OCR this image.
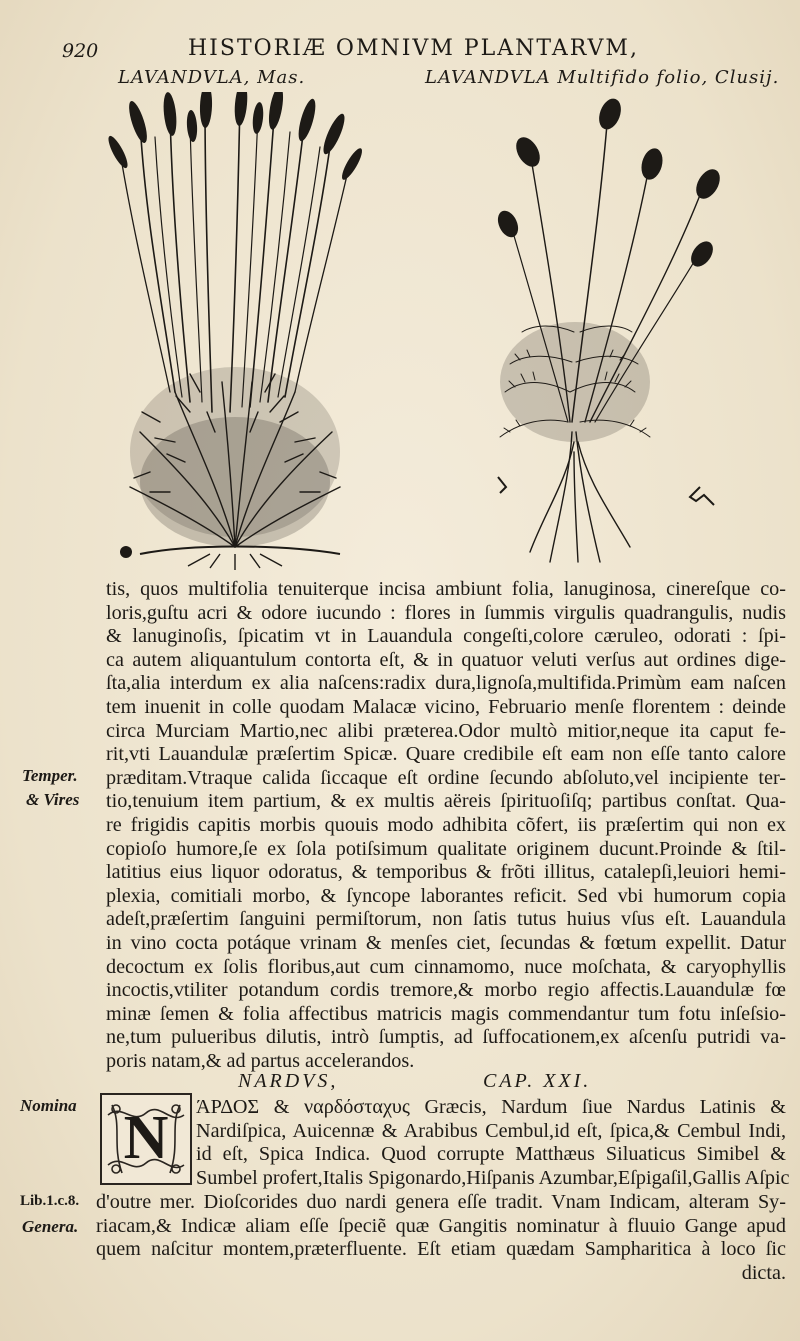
920	HISTORIÆ OMNIVM PLANTARVM,
LAVANDVLA, Mas.	LAVANDVLA Multifido folio, Clusij.
tis, quos multifolia tenuiterque incisa ambiunt folia, lanuginosa, cinereſque co-
loris,guſtu acri & odore iucundo : flores in ſummis virgulis quadrangulis, nudis
& lanuginoſis, ſpicatim vt in Lauandula congeſti,colore cæruleo, odorati : ſpi-
ca autem aliquantulum contorta eſt, & in quatuor veluti verſus aut ordines dige-
ſta,alia interdum ex alia naſcens:radix dura,lignoſa,multifida.Primùm eam naſcen
tem inuenit in colle quodam Malacæ vicino, Februario menſe florentem : deinde
circa Murciam Martio,nec alibi præterea.Odor multò mitior,neque ita caput fe-
rit,vti Lauandulæ præſertim Spicæ. Quare credibile eſt eam non eſſe tanto calore
præditam.Vtraque calida ſiccaque eſt ordine ſecundo abſoluto,vel incipiente ter-
tio,tenuium item partium, & ex multis aëreis ſpirituoſiſq; partibus conſtat. Qua-
re frigidis capitis morbis quouis modo adhibita cõfert, iis præſertim qui non ex
copioſo humore,ſe ex ſola potiſsimum qualitate originem ducunt.Proinde & ſtil-
latitius eius liquor odoratus, & temporibus & frõti illitus, catalepſi,leuiori hemi-
plexia, comitiali morbo, & ſyncope laborantes reficit. Sed vbi humorum copia
adeſt,præſertim ſanguini permiſtorum, non ſatis tutus huius vſus eſt. Lauandula
in vino cocta potáque vrinam & menſes ciet, ſecundas & fœtum expellit. Datur
decoctum ex ſolis floribus,aut cum cinnamomo, nuce moſchata, & caryophyllis
incoctis,vtiliter potandum cordis tremore,& morbo regio affectis.Lauandulæ fœ
minæ ſemen & folia affectibus matricis magis commendantur tum fotu inſeſsio-
ne,tum pulueribus dilutis, intrò ſumptis, ad ſuffocationem,ex aſcenſu putridi va-
poris natam,& ad partus accelerandos.
Temper.
& Vires
Nomina
Lib.1.c.8.
Genera.
NARDVS,	CAP. XXI.
N	ΆΡΔΟΣ & ναρδόσταχυς Græcis, Nardum ſiue Nardus Latinis &
Nardiſpica, Auicennæ & Arabibus Cembul,id eſt, ſpica,& Cembul Indi,
id eſt, Spica Indica. Quod corrupte Matthæus Siluaticus Simibel &
Sumbel profert,Italis Spigonardo,Hiſpanis Azumbar,Eſpigaſil,Gallis Aſpic
d'outre mer. Dioſcorides duo nardi genera eſſe tradit. Vnam Indicam, alteram Sy-
riacam,& Indicæ aliam eſſe ſpeciẽ quæ Gangitis nominatur à fluuio Gange apud
quem naſcitur montem,præterfluente. Eſt etiam quædam Sampharitica à loco ſic
dicta.
